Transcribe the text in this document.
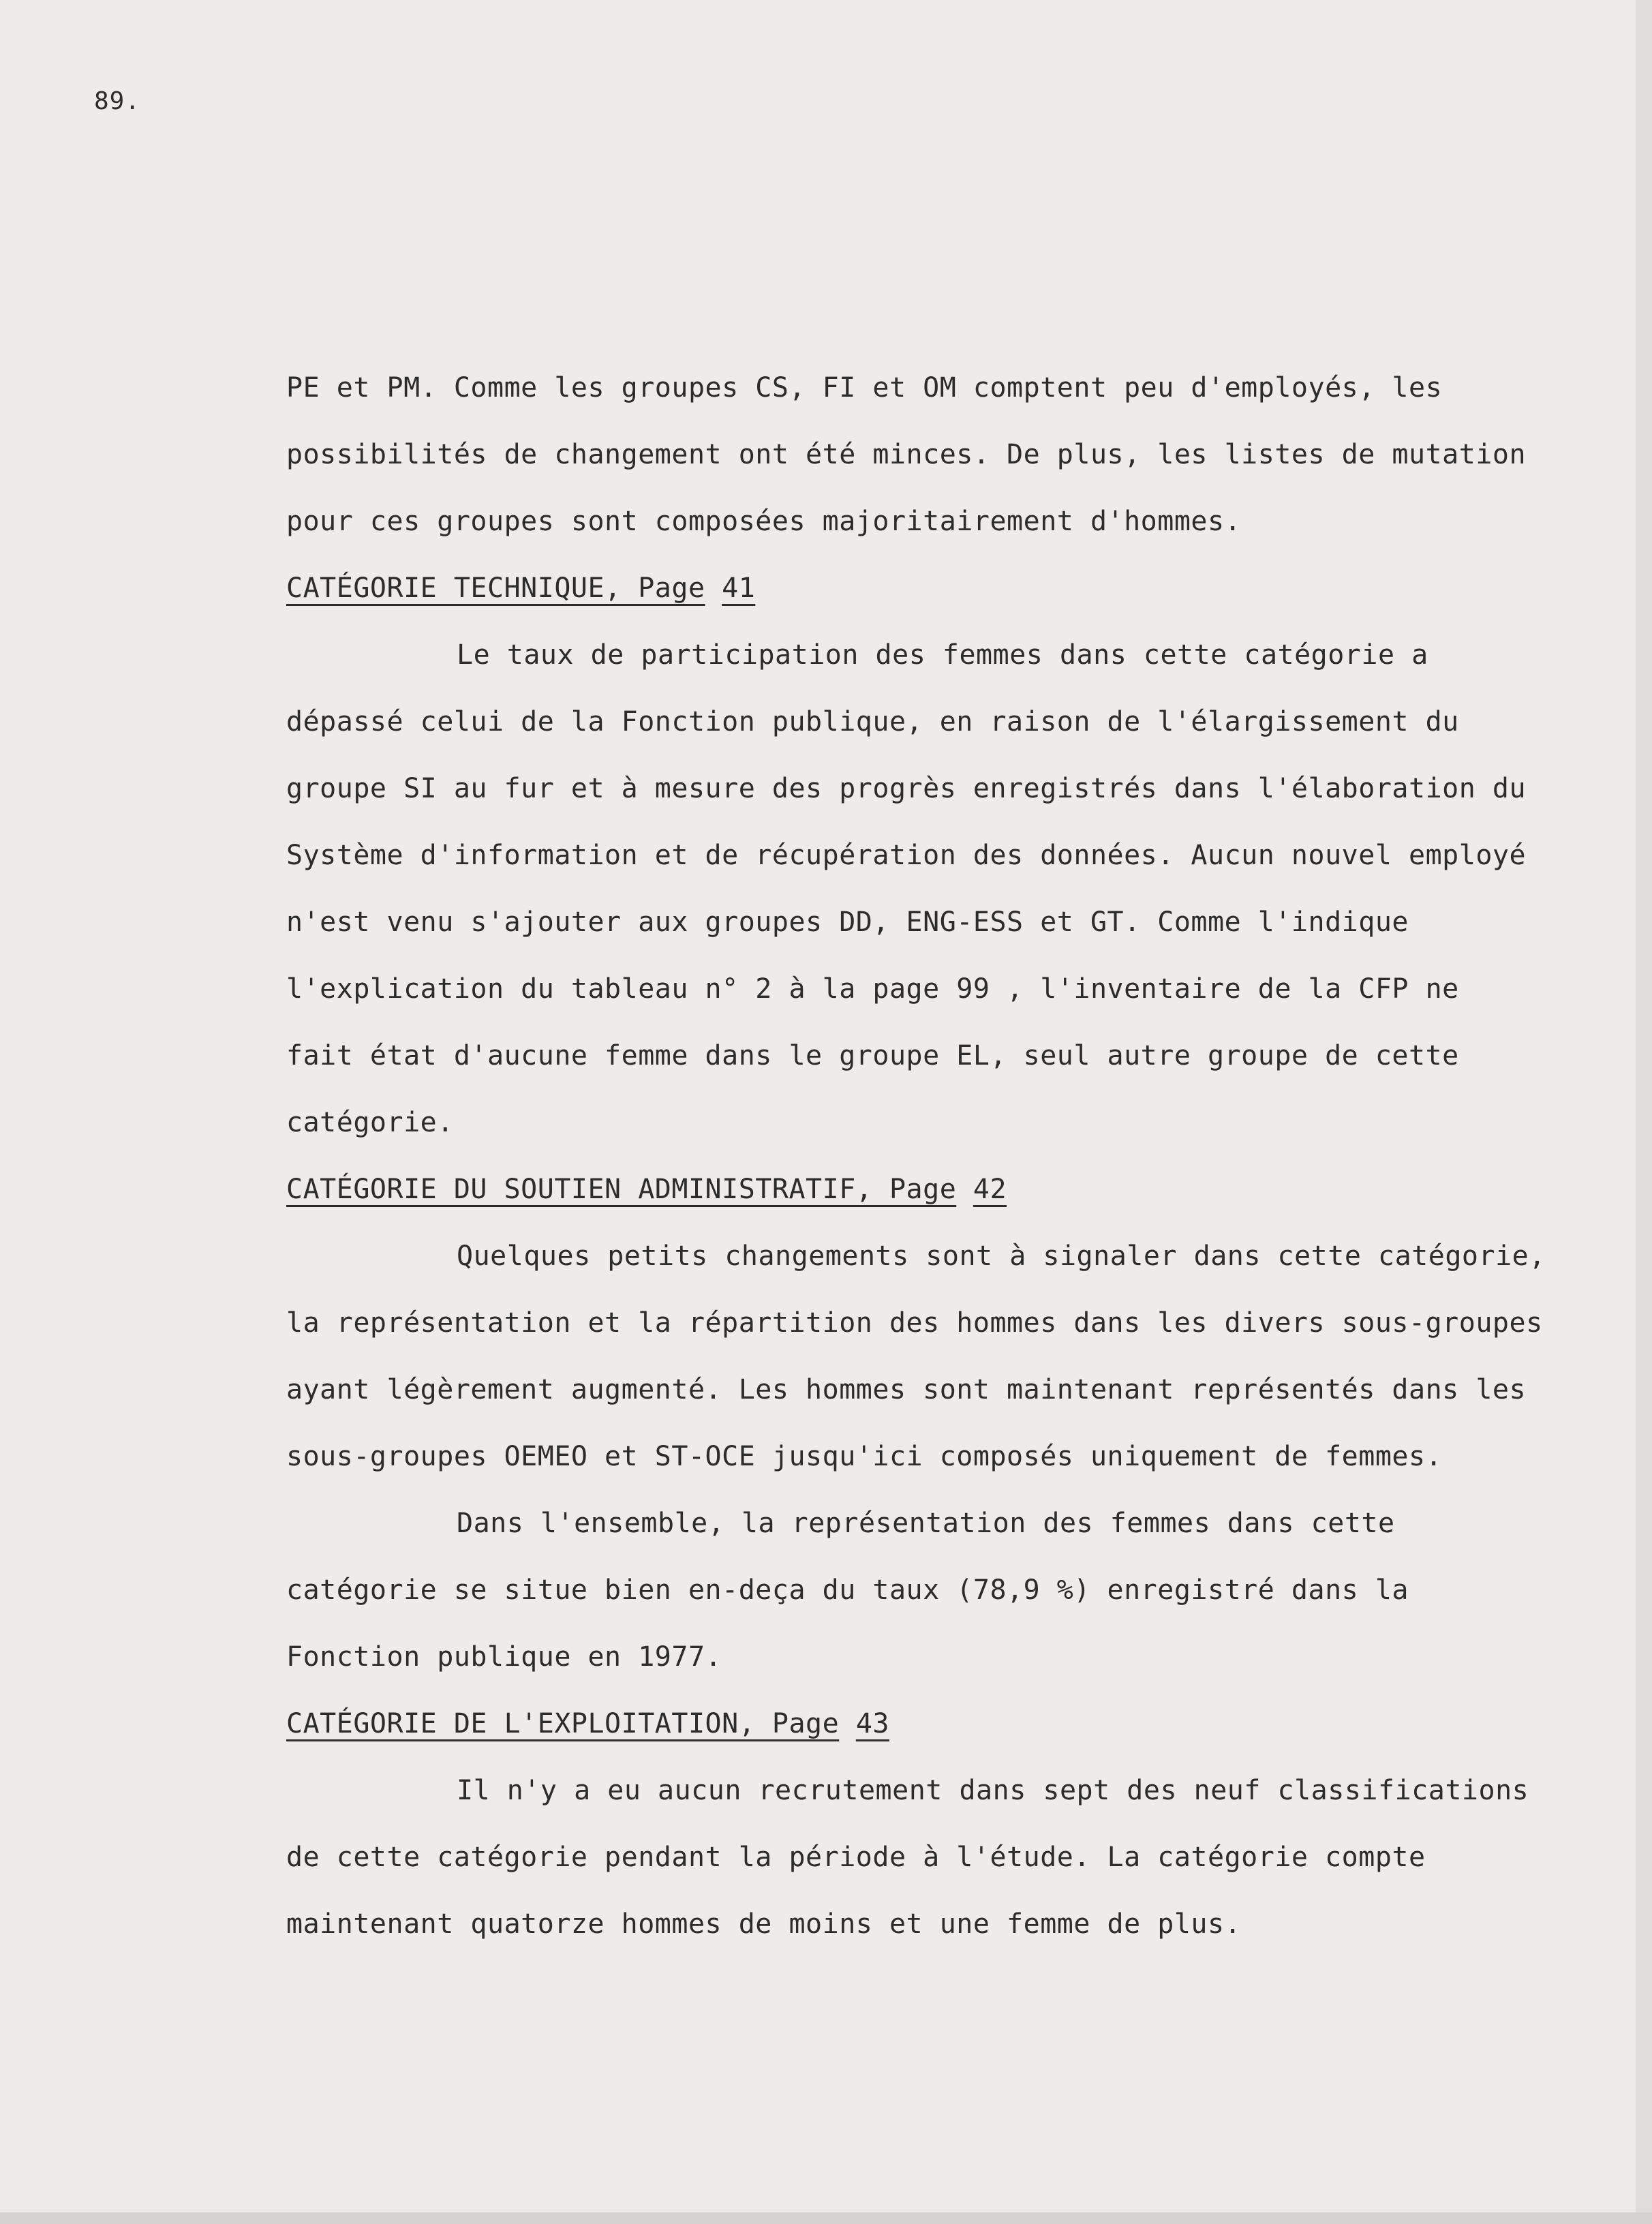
89.
PE et PM. Comme les groupes CS, FI et OM comptent peu d'employés, les
possibilités de changement ont été minces. De plus, les listes de mutation
pour ces groupes sont composées majoritairement d'hommes.
CATÉGORIE TECHNIQUE, Page 41
Le taux de participation des femmes dans cette catégorie a
dépassé celui de la Fonction publique, en raison de l'élargissement du
groupe SI au fur et à mesure des progrès enregistrés dans l'élaboration du
Système d'information et de récupération des données. Aucun nouvel employé
n'est venu s'ajouter aux groupes DD, ENG-ESS et GT. Comme l'indique
l'explication du tableau n° 2 à la page 99 , l'inventaire de la CFP ne
fait état d'aucune femme dans le groupe EL, seul autre groupe de cette
catégorie.
CATÉGORIE DU SOUTIEN ADMINISTRATIF, Page 42
Quelques petits changements sont à signaler dans cette catégorie,
la représentation et la répartition des hommes dans les divers sous-groupes
ayant légèrement augmenté. Les hommes sont maintenant représentés dans les
sous-groupes OEMEO et ST-OCE jusqu'ici composés uniquement de femmes.
Dans l'ensemble, la représentation des femmes dans cette
catégorie se situe bien en-deça du taux (78,9 %) enregistré dans la
Fonction publique en 1977.
CATÉGORIE DE L'EXPLOITATION, Page 43
Il n'y a eu aucun recrutement dans sept des neuf classifications
de cette catégorie pendant la période à l'étude. La catégorie compte
maintenant quatorze hommes de moins et une femme de plus.
